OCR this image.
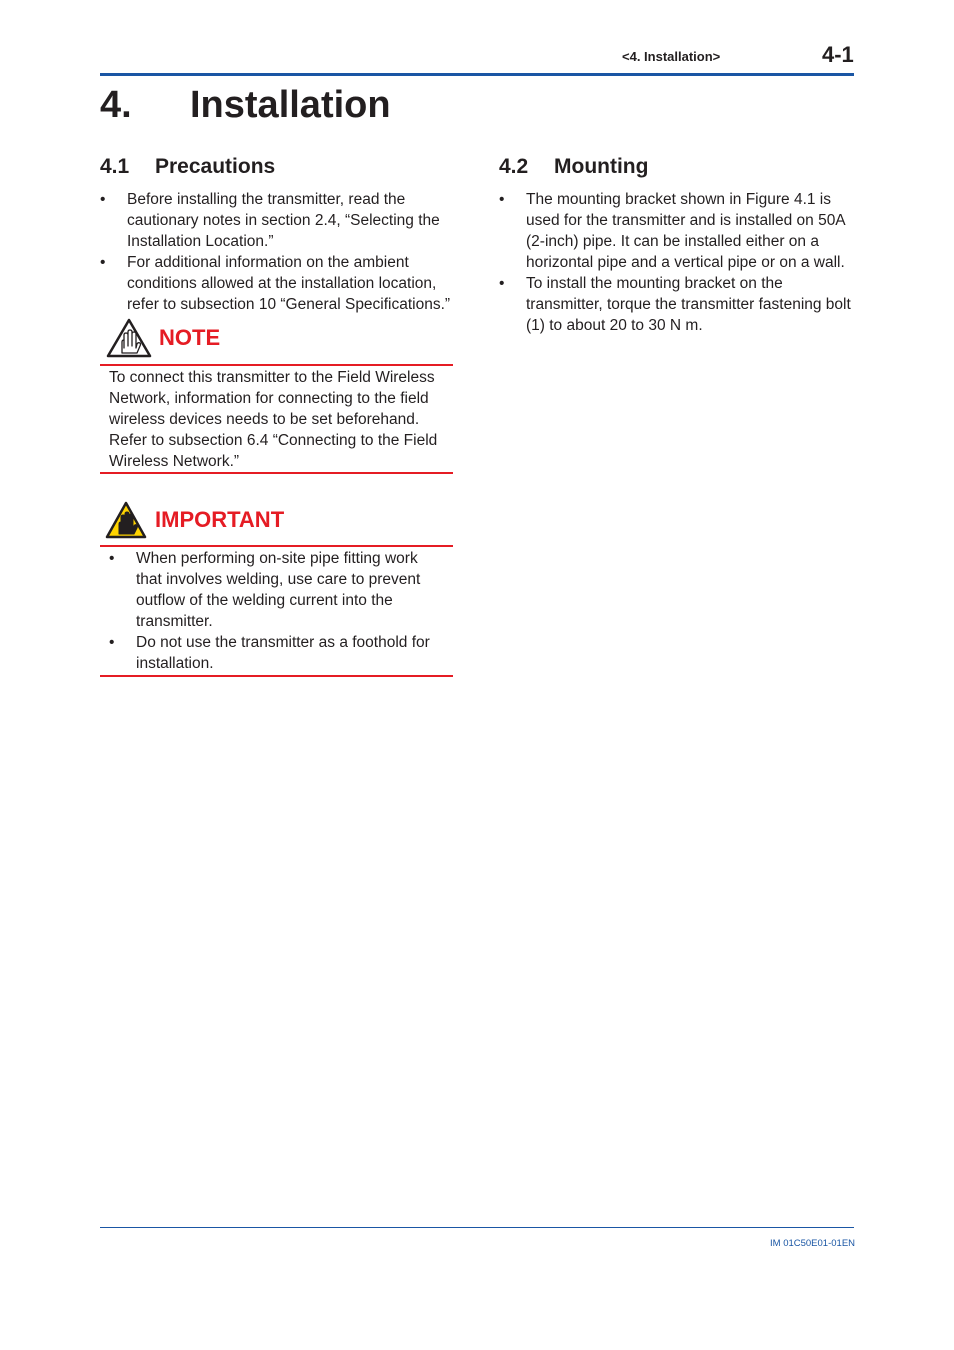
<4. Installation>	4-1
4. Installation
4.1 Precautions
• Before installing the transmitter, read the
cautionary notes in section 2.4, “Selecting the
Installation Location.”
• For additional information on the ambient
conditions allowed at the installation location,
refer to subsection 10 “General Specifications.”
NOTE
To connect this transmitter to the Field Wireless
Network, information for connecting to the field
wireless devices needs to be set beforehand.
Refer to subsection 6.4 “Connecting to the Field
Wireless Network.”
IMPORTANT
• When performing on-site pipe fitting work
that involves welding, use care to prevent
outflow of the welding current into the
transmitter.
• Do not use the transmitter as a foothold for
installation.
4.2 Mounting
• The mounting bracket shown in Figure 4.1 is
used for the transmitter and is installed on 50A
(2-inch) pipe. It can be installed either on a
horizontal pipe and a vertical pipe or on a wall.
• To install the mounting bracket on the
transmitter, torque the transmitter fastening bolt
(1) to about 20 to 30 N m.
IM 01C50E01-01EN
